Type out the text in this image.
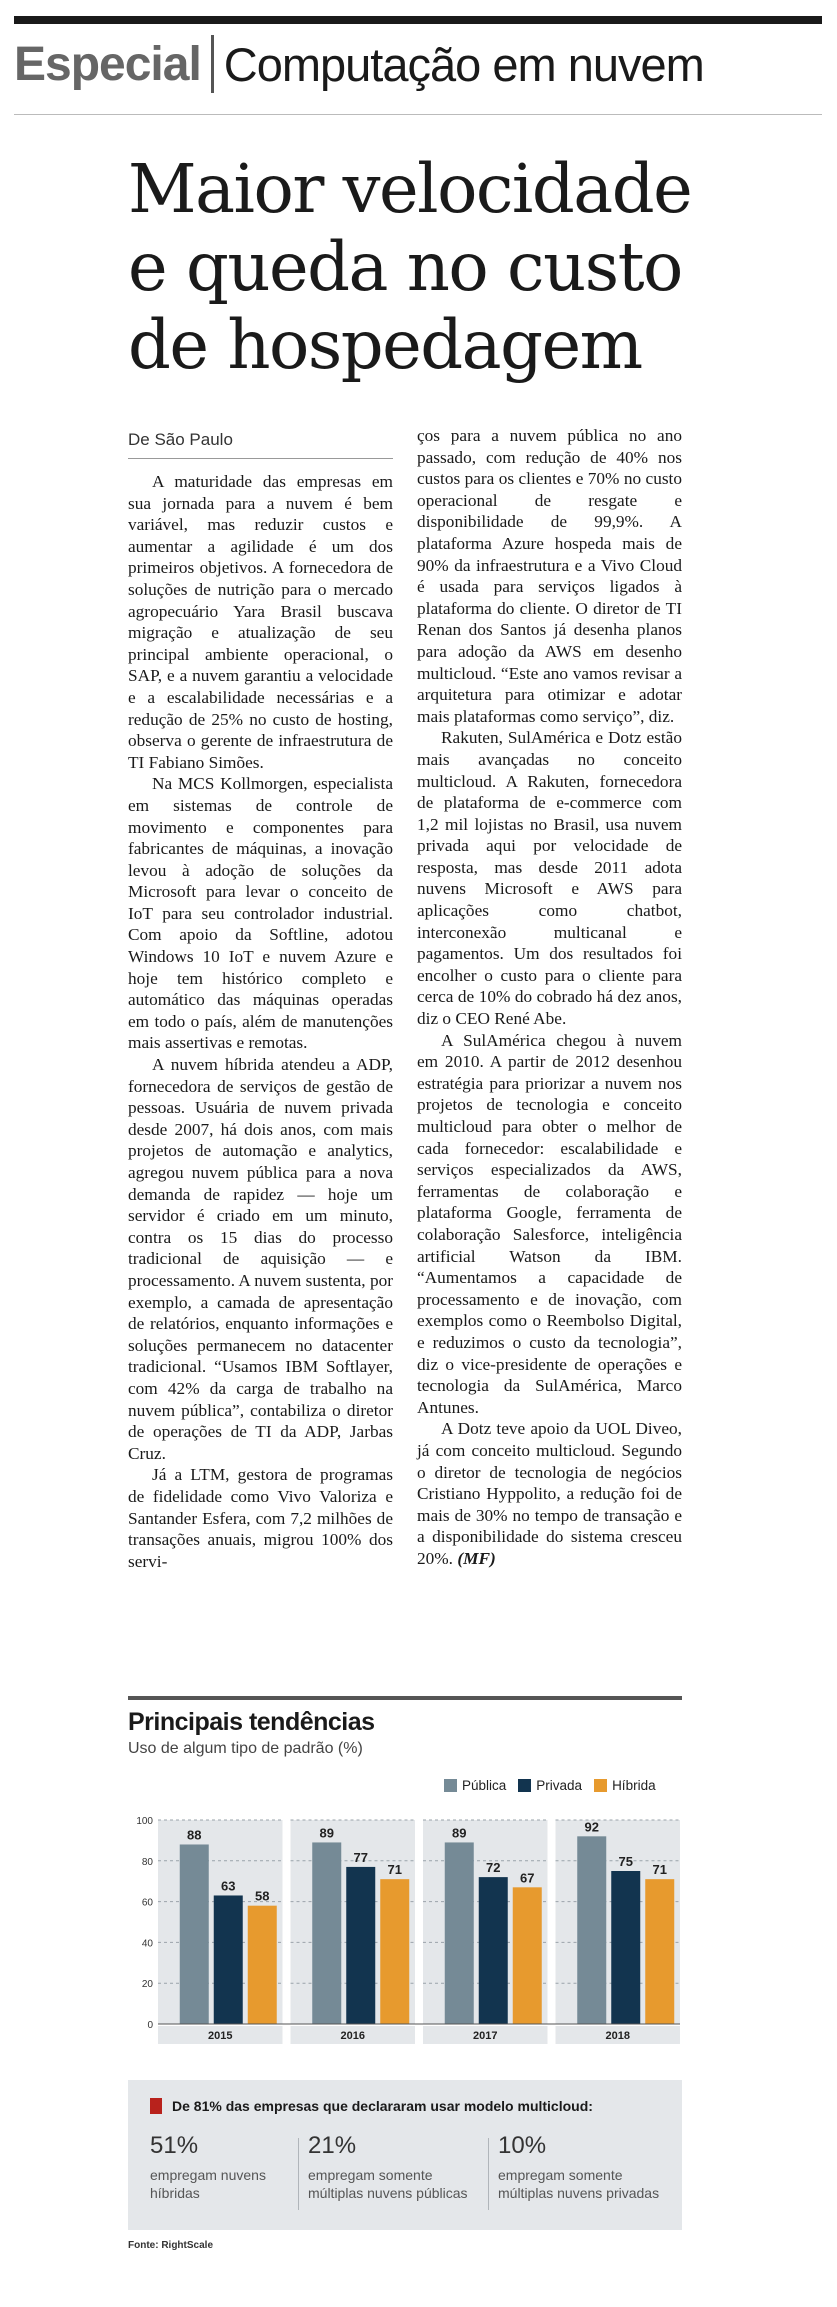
Especial Computação em nuvem
Maior velocidade
e queda no custo
de hospedagem
De São Paulo

A maturidade das empresas em sua jornada para a nuvem é bem variável, mas reduzir custos e aumentar a agilidade é um dos primeiros objetivos. A fornecedora de soluções de nutrição para o mercado agropecuário Yara Brasil buscava migração e atualização de seu principal ambiente operacional, o SAP, e a nuvem garantiu a velocidade e a escalabilidade necessárias e a redução de 25% no custo de hosting, observa o gerente de infraestrutura de TI Fabiano Simões.

Na MCS Kollmorgen, especialista em sistemas de controle de movimento e componentes para fabricantes de máquinas, a inovação levou à adoção de soluções da Microsoft para levar o conceito de IoT para seu controlador industrial. Com apoio da Softline, adotou Windows 10 IoT e nuvem Azure e hoje tem histórico completo e automático das máquinas operadas em todo o país, além de manutenções mais assertivas e remotas.

A nuvem híbrida atendeu a ADP, fornecedora de serviços de gestão de pessoas. Usuária de nuvem privada desde 2007, há dois anos, com mais projetos de automação e analytics, agregou nuvem pública para a nova demanda de rapidez — hoje um servidor é criado em um minuto, contra os 15 dias do processo tradicional de aquisição — e processamento. A nuvem sustenta, por exemplo, a camada de apresentação de relatórios, enquanto informações e soluções permanecem no datacenter tradicional. “Usamos IBM Softlayer, com 42% da carga de trabalho na nuvem pública”, contabiliza o diretor de operações de TI da ADP, Jarbas Cruz.

Já a LTM, gestora de programas de fidelidade como Vivo Valoriza e Santander Esfera, com 7,2 milhões de transações anuais, migrou 100% dos servi-

ços para a nuvem pública no ano passado, com redução de 40% nos custos para os clientes e 70% no custo operacional de resgate e disponibilidade de 99,9%. A plataforma Azure hospeda mais de 90% da infraestrutura e a Vivo Cloud é usada para serviços ligados à plataforma do cliente. O diretor de TI Renan dos Santos já desenha planos para adoção da AWS em desenho multicloud. “Este ano vamos revisar a arquitetura para otimizar e adotar mais plataformas como serviço”, diz.

Rakuten, SulAmérica e Dotz estão mais avançadas no conceito multicloud. A Rakuten, fornecedora de plataforma de e-commerce com 1,2 mil lojistas no Brasil, usa nuvem privada aqui por velocidade de resposta, mas desde 2011 adota nuvens Microsoft e AWS para aplicações como chatbot, interconexão multicanal e pagamentos. Um dos resultados foi encolher o custo para o cliente para cerca de 10% do cobrado há dez anos, diz o CEO René Abe.

A SulAmérica chegou à nuvem em 2010. A partir de 2012 desenhou estratégia para priorizar a nuvem nos projetos de tecnologia e conceito multicloud para obter o melhor de cada fornecedor: escalabilidade e serviços especializados da AWS, ferramentas de colaboração e plataforma Google, ferramenta de colaboração Salesforce, inteligência artificial Watson da IBM. “Aumentamos a capacidade de processamento e de inovação, com exemplos como o Reembolso Digital, e reduzimos o custo da tecnologia”, diz o vice-presidente de operações e tecnologia da SulAmérica, Marco Antunes.

A Dotz teve apoio da UOL Diveo, já com conceito multicloud. Segundo o diretor de tecnologia de negócios Cristiano Hyppolito, a redução foi de mais de 30% no tempo de transação e a disponibilidade do sistema cresceu 20%. (MF)

Principais tendências
Uso de algum tipo de padrão (%)
Pública Privada Híbrida
0
20
40
60
80
100
88
63
58
2015
89
77
71
2016
89
72
67
2017
92
75
71
2018
De 81% das empresas que declararam usar modelo multicloud:
51%
empregam nuvens
híbridas
21%
empregam somente
múltiplas nuvens públicas
10%
empregam somente
múltiplas nuvens privadas
Fonte: RightScale
